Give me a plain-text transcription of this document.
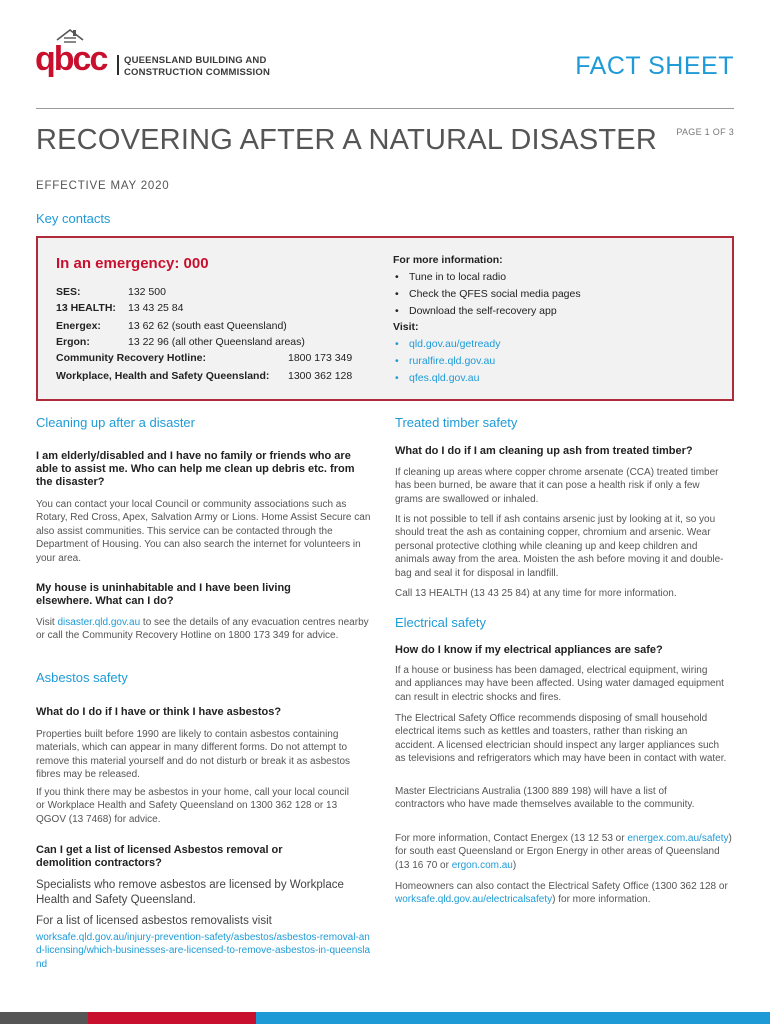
qbcc QUEENSLAND BUILDING AND
CONSTRUCTION COMMISSION	FACT SHEET
RECOVERING AFTER A NATURAL DISASTER PAGE 1 OF 3
EFFECTIVE MAY 2020
Key contacts
In an emergency: 000
SES:	132 500
13 HEALTH: 13 43 25 84
Energex:	13 62 62 (south east Queensland)
Ergon:	13 22 96 (all other Queensland areas)
Community Recovery Hotline:	1800 173 349
Workplace, Health and Safety Queensland: 1300 362 128
For more information:
• Tune in to local radio
• Check the QFES social media pages
• Download the self-recovery app
Visit:
• qld.gov.au/getready
• ruralfire.qld.gov.au
• qfes.qld.gov.au
Cleaning up after a disaster
I am elderly/disabled and I have no family or friends who are able to assist me. Who can help me clean up debris etc. from the disaster?
You can contact your local Council or community associations such as Rotary, Red Cross, Apex, Salvation Army or Lions. Home Assist Secure can also assist communities. This service can be contacted through the Department of Housing. You can also search the internet for volunteers in your area.
My house is uninhabitable and I have been living elsewhere. What can I do?
Visit disaster.qld.gov.au to see the details of any evacuation centres nearby or call the Community Recovery Hotline on 1800 173 349 for advice.
Asbestos safety
What do I do if I have or think I have asbestos?
Properties built before 1990 are likely to contain asbestos containing materials, which can appear in many different forms. Do not attempt to remove this material yourself and do not disturb or break it as asbestos fibres may be released.
If you think there may be asbestos in your home, call your local council or Workplace Health and Safety Queensland on 1300 362 128 or 13 QGOV (13 7468) for advice.
Can I get a list of licensed Asbestos removal or demolition contractors?
Specialists who remove asbestos are licensed by Workplace Health and Safety Queensland.
For a list of licensed asbestos removalists visit
worksafe.qld.gov.au/injury-prevention-safety/asbestos/asbestos-removal-and-licensing/which-businesses-are-licensed-to-remove-asbestos-in-queensland
Treated timber safety
What do I do if I am cleaning up ash from treated timber?
If cleaning up areas where copper chrome arsenate (CCA) treated timber has been burned, be aware that it can pose a health risk if only a few grams are swallowed or inhaled.
It is not possible to tell if ash contains arsenic just by looking at it, so you should treat the ash as containing copper, chromium and arsenic. Wear personal protective clothing while cleaning up and keep children and animals away from the area. Moisten the ash before moving it and double-bag and seal it for disposal in landfill.
Call 13 HEALTH (13 43 25 84) at any time for more information.
Electrical safety
How do I know if my electrical appliances are safe?
If a house or business has been damaged, electrical equipment, wiring and appliances may have been affected. Using water damaged equipment can result in electric shocks and fires.
The Electrical Safety Office recommends disposing of small household electrical items such as kettles and toasters, rather than risking an accident. A licensed electrician should inspect any larger appliances such as televisions and refrigerators which may have been in contact with water.
Master Electricians Australia (1300 889 198) will have a list of contractors who have made themselves available to the community.
For more information, Contact Energex (13 12 53 or energex.com.au/safety) for south east Queensland or Ergon Energy in other areas of Queensland (13 16 70 or ergon.com.au)
Homeowners can also contact the Electrical Safety Office (1300 362 128 or worksafe.qld.gov.au/electricalsafety) for more information.
